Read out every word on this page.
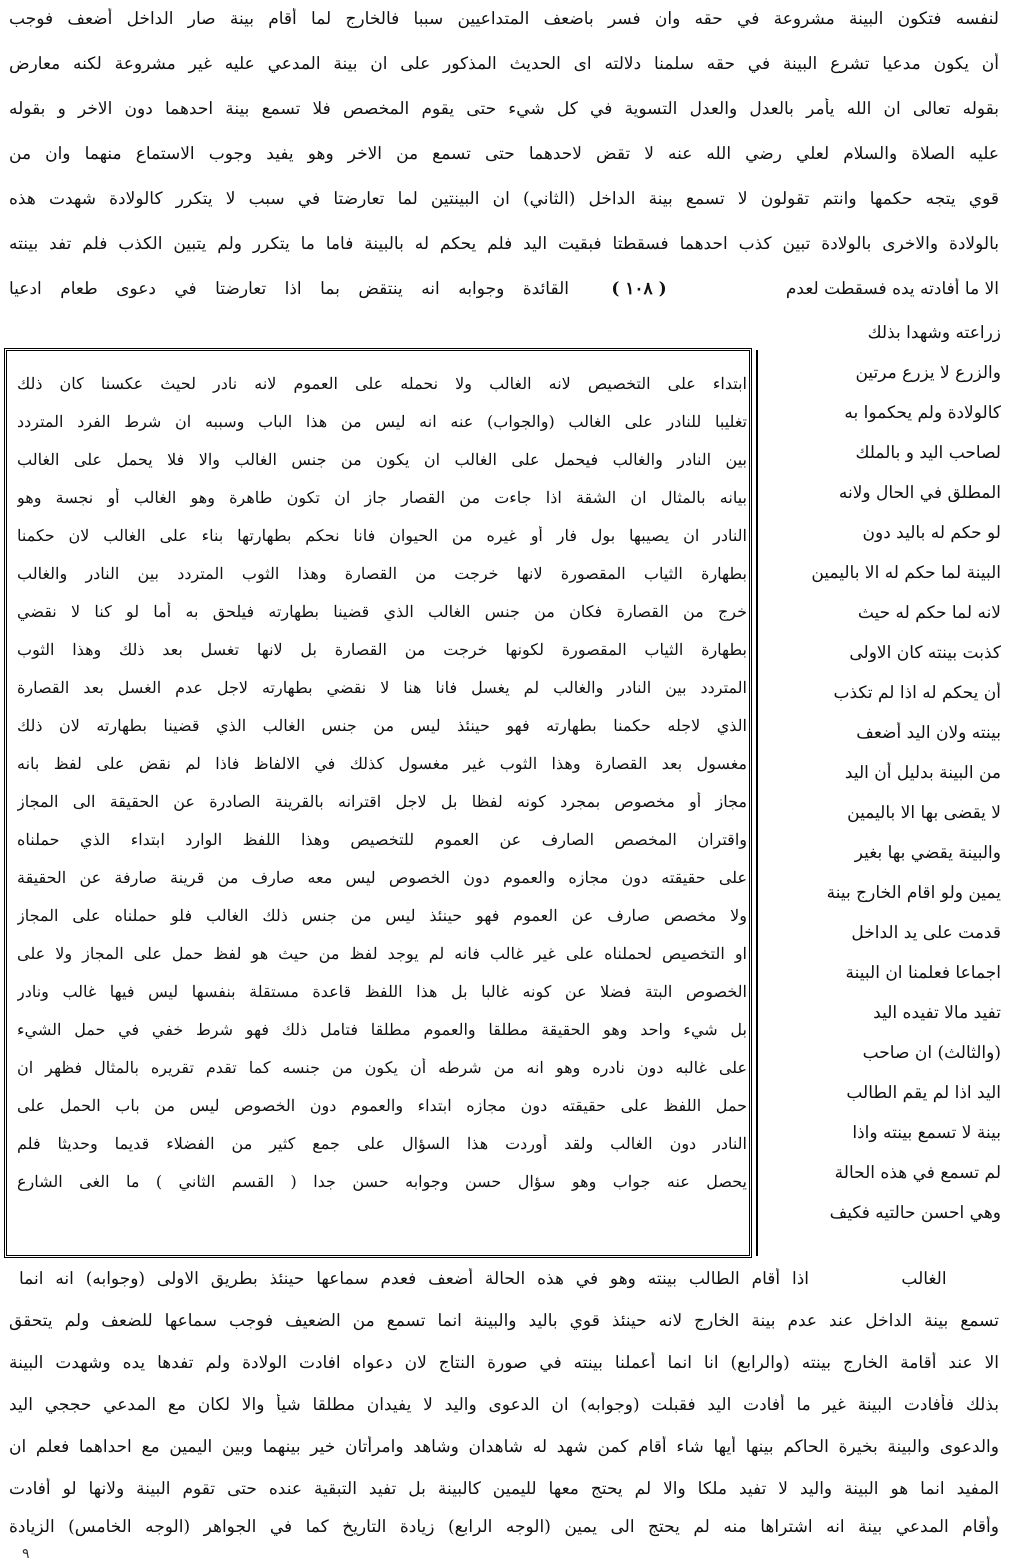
لنفسه فتكون البينة مشروعة في حقه وان فسر باضعف المتداعيين سببا فالخارج لما أقام بينة صار الداخل أضعف فوجب
أن يكون مدعيا تشرع البينة في حقه سلمنا دلالته اى الحديث المذكور على ان بينة المدعي عليه غير مشروعة لكنه معارض
بقوله تعالى ان الله يأمر بالعدل والعدل التسوية في كل شيء حتى يقوم المخصص فلا تسمع بينة احدهما دون الاخر و بقوله
عليه الصلاة والسلام لعلي رضي الله عنه لا تقض لاحدهما حتى تسمع من الاخر وهو يفيد وجوب الاستماع منهما وان من
قوي يتجه حكمها وانتم تقولون لا تسمع بينة الداخل (الثاني) ان البينتين لما تعارضتا في سبب لا يتكرر كالولادة شهدت هذه
بالولادة والاخرى بالولادة تبين كذب احدهما فسقطتا فبقيت اليد فلم يحكم له بالبينة فاما ما يتكرر ولم يتبين الكذب فلم تفد بينته
الا ما أفادته يده فسقطت لعدم
( ١٠٨ )
القائدة وجوابه انه ينتقض بما اذا تعارضتا في دعوى طعام ادعيا
زراعته وشهدا بذلك
والزرع لا يزرع مرتين
كالولادة ولم يحكموا به
لصاحب اليد و بالملك
المطلق في الحال ولانه
لو حكم له باليد دون
البينة لما حكم له الا باليمين
لانه لما حكم له حيث
كذبت بينته كان الاولى
أن يحكم له اذا لم تكذب
بينته ولان اليد أضعف
من البينة بدليل أن اليد
لا يقضى بها الا باليمين
والبينة يقضي بها بغير
يمين ولو اقام الخارج بينة
قدمت على يد الداخل
اجماعا فعلمنا ان البينة
تفيد مالا تفيده اليد
(والثالث) ان صاحب
اليد اذا لم يقم الطالب
بينة لا تسمع بينته واذا
لم تسمع في هذه الحالة
وهي احسن حالتيه فكيف
ابتداء على التخصيص لانه الغالب ولا نحمله على العموم لانه نادر لحيث عكسنا كان ذلك
تغليبا للنادر على الغالب (والجواب) عنه انه ليس من هذا الباب وسببه ان شرط الفرد المتردد
بين النادر والغالب فيحمل على الغالب ان يكون من جنس الغالب والا فلا يحمل على الغالب
بيانه بالمثال ان الشقة اذا جاءت من القصار جاز ان تكون طاهرة وهو الغالب أو نجسة وهو
النادر ان يصيبها بول فار أو غيره من الحيوان فانا نحكم بطهارتها بناء على الغالب لان حكمنا
بطهارة الثياب المقصورة لانها خرجت من القصارة وهذا الثوب المتردد بين النادر والغالب
خرج من القصارة فكان من جنس الغالب الذي قضينا بطهارته فيلحق به أما لو كنا لا نقضي
بطهارة الثياب المقصورة لكونها خرجت من القصارة بل لانها تغسل بعد ذلك وهذا الثوب
المتردد بين النادر والغالب لم يغسل فانا هنا لا نقضي بطهارته لاجل عدم الغسل بعد القصارة
الذي لاجله حكمنا بطهارته فهو حينئذ ليس من جنس الغالب الذي قضينا بطهارته لان ذلك
مغسول بعد القصارة وهذا الثوب غير مغسول كذلك في الالفاظ فاذا لم نقض على لفظ بانه
مجاز أو مخصوص بمجرد كونه لفظا بل لاجل اقترانه بالقرينة الصادرة عن الحقيقة الى المجاز
واقتران المخصص الصارف عن العموم للتخصيص وهذا اللفظ الوارد ابتداء الذي حملناه
على حقيقته دون مجازه والعموم دون الخصوص ليس معه صارف من قرينة صارفة عن الحقيقة
ولا مخصص صارف عن العموم فهو حينئذ ليس من جنس ذلك الغالب فلو حملناه على المجاز
او التخصيص لحملناه على غير غالب فانه لم يوجد لفظ من حيث هو لفظ حمل على المجاز ولا على
الخصوص البتة فضلا عن كونه غالبا بل هذا اللفظ قاعدة مستقلة بنفسها ليس فيها غالب ونادر
بل شيء واحد وهو الحقيقة مطلقا والعموم مطلقا فتامل ذلك فهو شرط خفي في حمل الشيء
على غالبه دون نادره وهو انه من شرطه أن يكون من جنسه كما تقدم تقريره بالمثال فظهر ان
حمل اللفظ على حقيقته دون مجازه ابتداء والعموم دون الخصوص ليس من باب الحمل على
النادر دون الغالب ولقد أوردت هذا السؤال على جمع كثير من الفضلاء قديما وحديثا فلم
يحصل عنه جواب وهو سؤال حسن وجوابه حسن جدا ( القسم الثاني ) ما الغى الشارع
اذا أقام الطالب بينته وهو في هذه الحالة أضعف فعدم سماعها حينئذ بطريق الاولى (وجوابه) انه انما	الغالب
تسمع بينة الداخل عند عدم بينة الخارج لانه حينئذ قوي باليد والبينة انما تسمع من الضعيف فوجب سماعها للضعف ولم يتحقق
الا عند أقامة الخارج بينته (والرابع) انا انما أعملنا بينته في صورة النتاج لان دعواه افادت الولادة ولم تفدها يده وشهدت البينة
بذلك فأفادت البينة غير ما أفادت اليد فقبلت (وجوابه) ان الدعوى واليد لا يفيدان مطلقا شيأ والا لكان مع المدعي حججي اليد
والدعوى والبينة بخيرة الحاكم بينها أيها شاء أقام كمن شهد له شاهدان وشاهد وامرأتان خير بينهما وبين اليمين مع احداهما فعلم ان
المفيد انما هو البينة واليد لا تفيد ملكا والا لم يحتج معها لليمين كالبينة بل تفيد التبقية عنده حتى تقوم البينة ولانها لو أفادت
وأقام المدعي بينة انه اشتراها منه لم يحتج الى يمين (الوجه الرابع) زيادة التاريخ كما في الجواهر (الوجه الخامس) الزيادة
٩
